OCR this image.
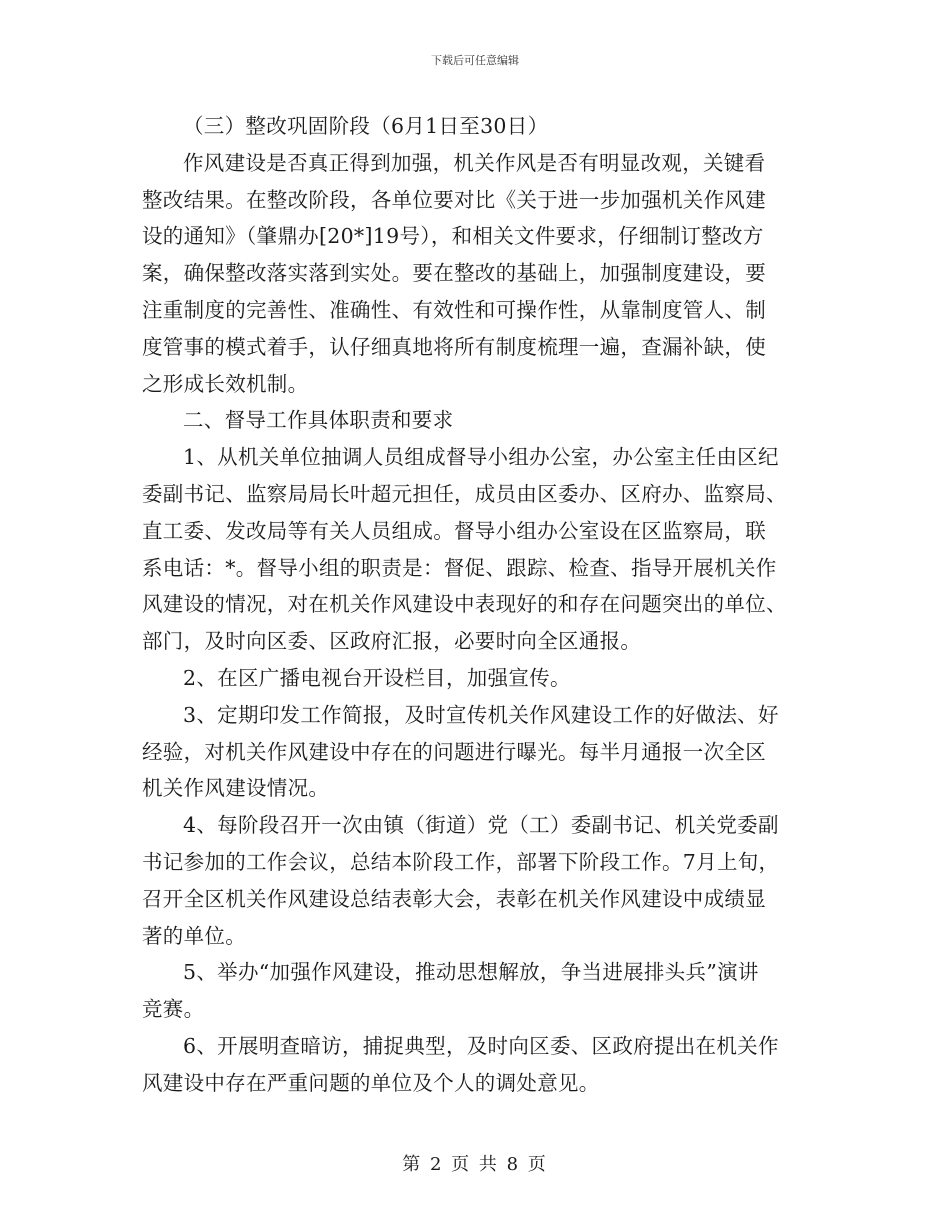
下载后可任意编辑

（三）整改巩固阶段（6月1日至30日）

作风建设是否真正得到加强，机关作风是否有明显改观，关键看
整改结果。在整改阶段，各单位要对比《关于进一步加强机关作风建
设的通知》（肇鼎办[20*]19号），和相关文件要求，仔细制订整改方
案，确保整改落实落到实处。要在整改的基础上，加强制度建设，要
注重制度的完善性、准确性、有效性和可操作性，从靠制度管人、制
度管事的模式着手，认仔细真地将所有制度梳理一遍，查漏补缺，使
之形成长效机制。

二、督导工作具体职责和要求

1、从机关单位抽调人员组成督导小组办公室，办公室主任由区纪
委副书记、监察局局长叶超元担任，成员由区委办、区府办、监察局、
直工委、发改局等有关人员组成。督导小组办公室设在区监察局，联
系电话：*。督导小组的职责是：督促、跟踪、检查、指导开展机关作
风建设的情况，对在机关作风建设中表现好的和存在问题突出的单位、
部门，及时向区委、区政府汇报，必要时向全区通报。

2、在区广播电视台开设栏目，加强宣传。

3、定期印发工作简报，及时宣传机关作风建设工作的好做法、好
经验，对机关作风建设中存在的问题进行曝光。每半月通报一次全区
机关作风建设情况。

4、每阶段召开一次由镇（街道）党（工）委副书记、机关党委副
书记参加的工作会议，总结本阶段工作，部署下阶段工作。7月上旬，
召开全区机关作风建设总结表彰大会，表彰在机关作风建设中成绩显
著的单位。

5、举办“加强作风建设，推动思想解放，争当进展排头兵”演讲
竞赛。

6、开展明查暗访，捕捉典型，及时向区委、区政府提出在机关作
风建设中存在严重问题的单位及个人的调处意见。

第 2 页 共 8 页
